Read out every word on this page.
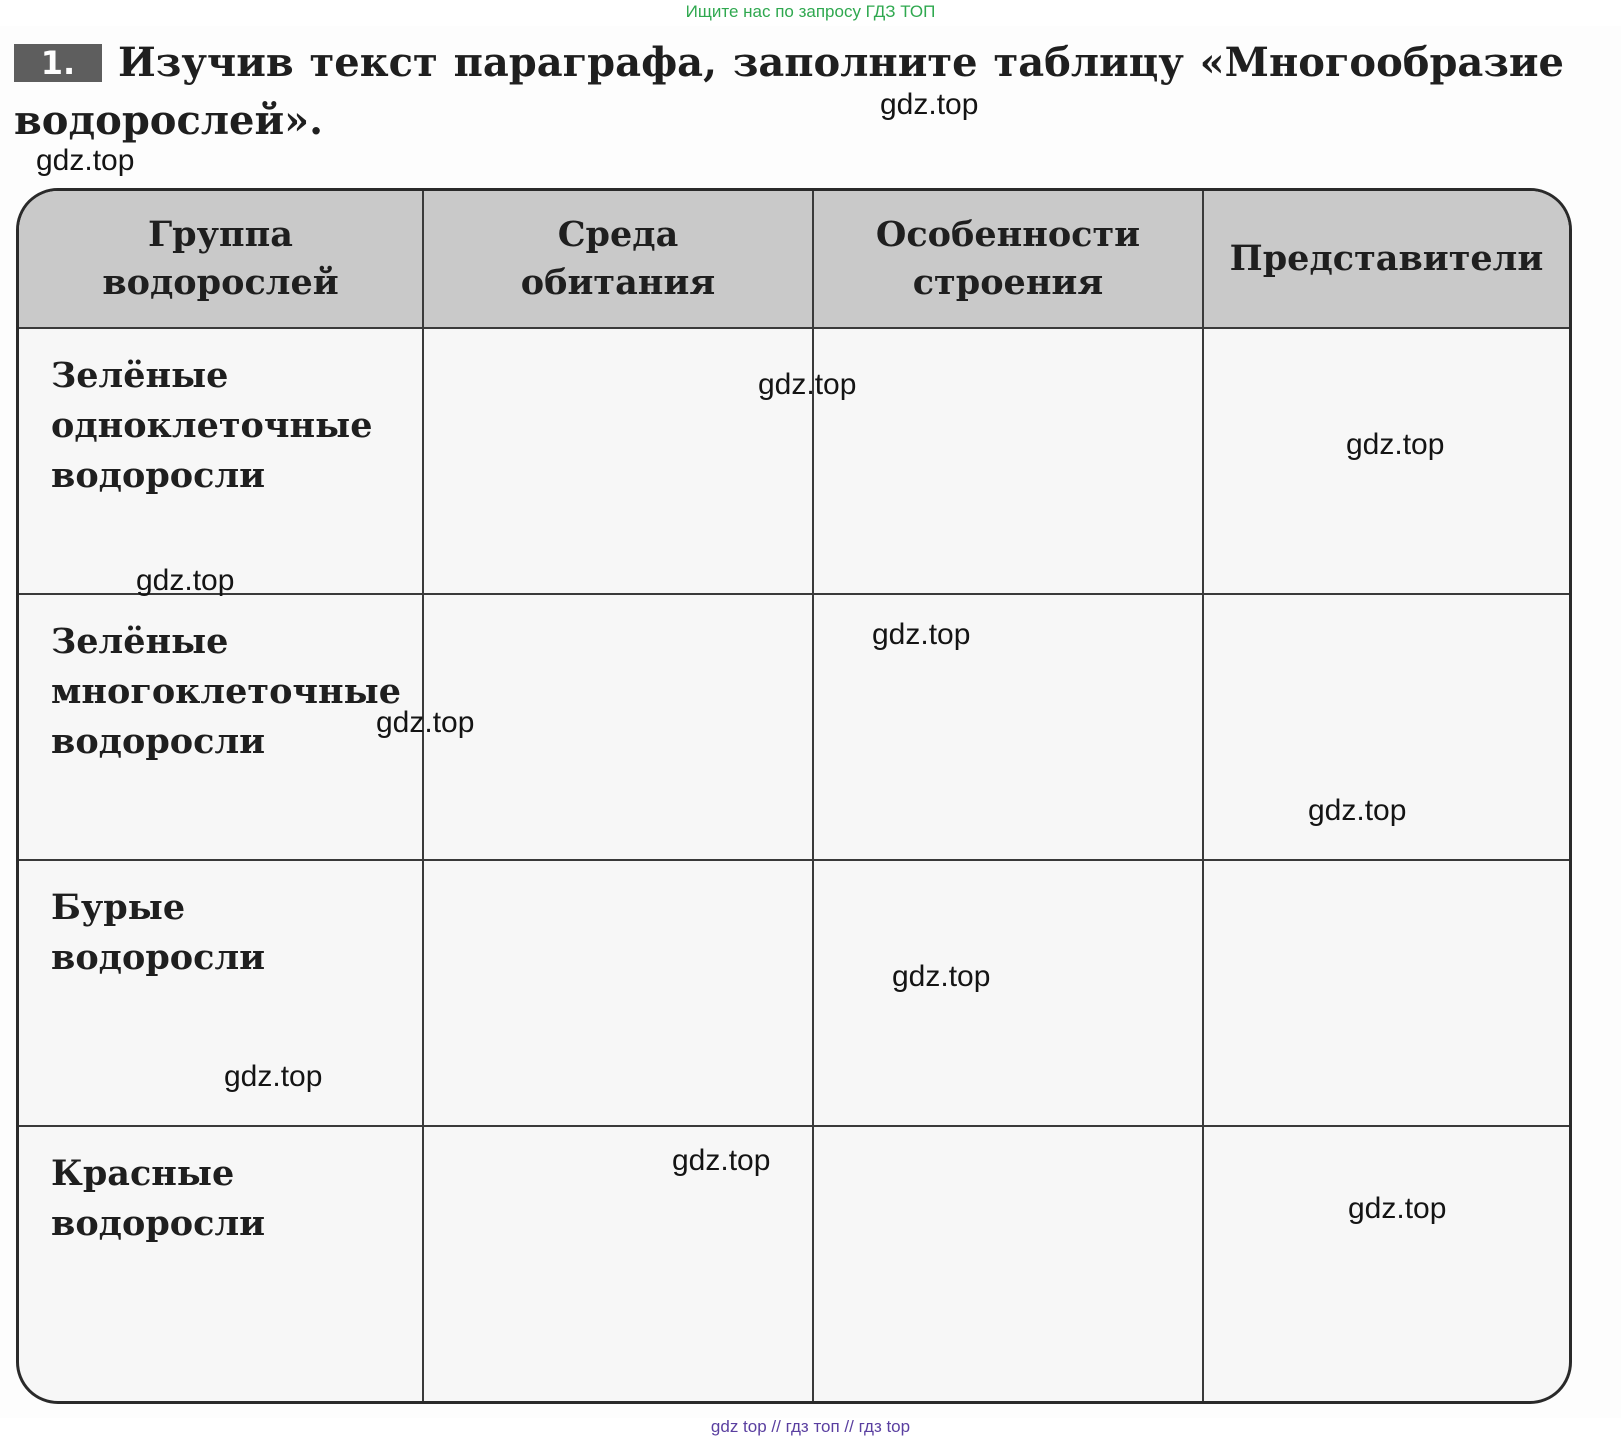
Ищите нас по запросу ГДЗ ТОП
Изучив текст параграфа, заполните таблицу «Многообразие водорослей».
1.
Группа водорослей	Среда обитания	Особенности строения	Представители
Зелёные одноклеточные водоросли			
Зелёные многоклеточные водоросли			
Бурые водоросли			
Красные водоросли			
gdz.top
gdz.top
gdz.top
gdz.top
gdz.top
gdz.top
gdz.top
gdz.top
gdz.top
gdz.top
gdz.top
gdz.top
gdz top // гдз топ // гдз top
